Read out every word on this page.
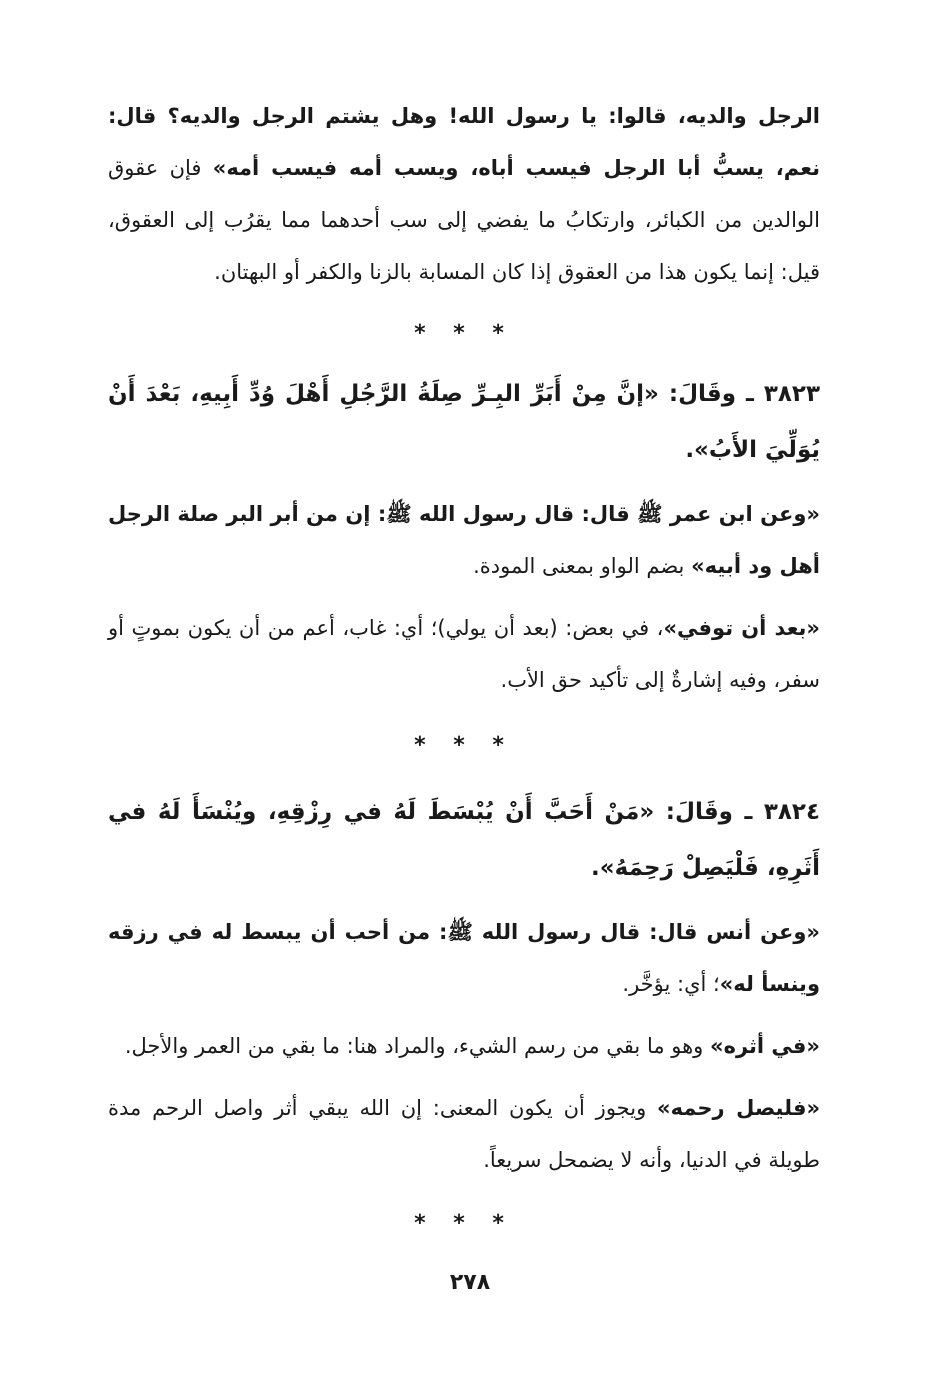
الرجل والديه، قالوا: يا رسول الله! وهل يشتم الرجل والديه؟ قال: نعم، يسبُّ أبا الرجل فيسب أباه، ويسب أمه فيسب أمه» فإن عقوق الوالدين من الكبائر، وارتكابُ ما يفضي إلى سب أحدهما مما يقرُب إلى العقوق، قيل: إنما يكون هذا من العقوق إذا كان المسابة بالزنا والكفر أو البهتان.

* * *

٣٨٢٣ ـ وقَالَ: «إنَّ مِنْ أَبَرِّ البِـرِّ صِلَةُ الرَّجُلِ أَهْلَ وُدِّ أَبِيهِ، بَعْدَ أَنْ يُوَلِّيَ الأَبُ».

«وعن ابن عمر ﷺ قال: قال رسول الله ﷺ: إن من أبر البر صلة الرجل أهل ود أبيه» بضم الواو بمعنى المودة.

«بعد أن توفي»، في بعض: (بعد أن يولي)؛ أي: غاب، أعم من أن يكون بموتٍ أو سفر، وفيه إشارةٌ إلى تأكيد حق الأب.

* * *

٣٨٢٤ ـ وقَالَ: «مَنْ أَحَبَّ أَنْ يُبْسَطَ لَهُ في رِزْقِهِ، ويُنْسَأَ لَهُ في أَثَرِهِ، فَلْيَصِلْ رَحِمَهُ».

«وعن أنس قال: قال رسول الله ﷺ: من أحب أن يبسط له في رزقه وينسأ له»؛ أي: يؤخَّر.

«في أثره» وهو ما بقي من رسم الشيء، والمراد هنا: ما بقي من العمر والأجل.

«فليصل رحمه» ويجوز أن يكون المعنى: إن الله يبقي أثر واصل الرحم مدة طويلة في الدنيا، وأنه لا يضمحل سريعاً.

* * *

٢٧٨
